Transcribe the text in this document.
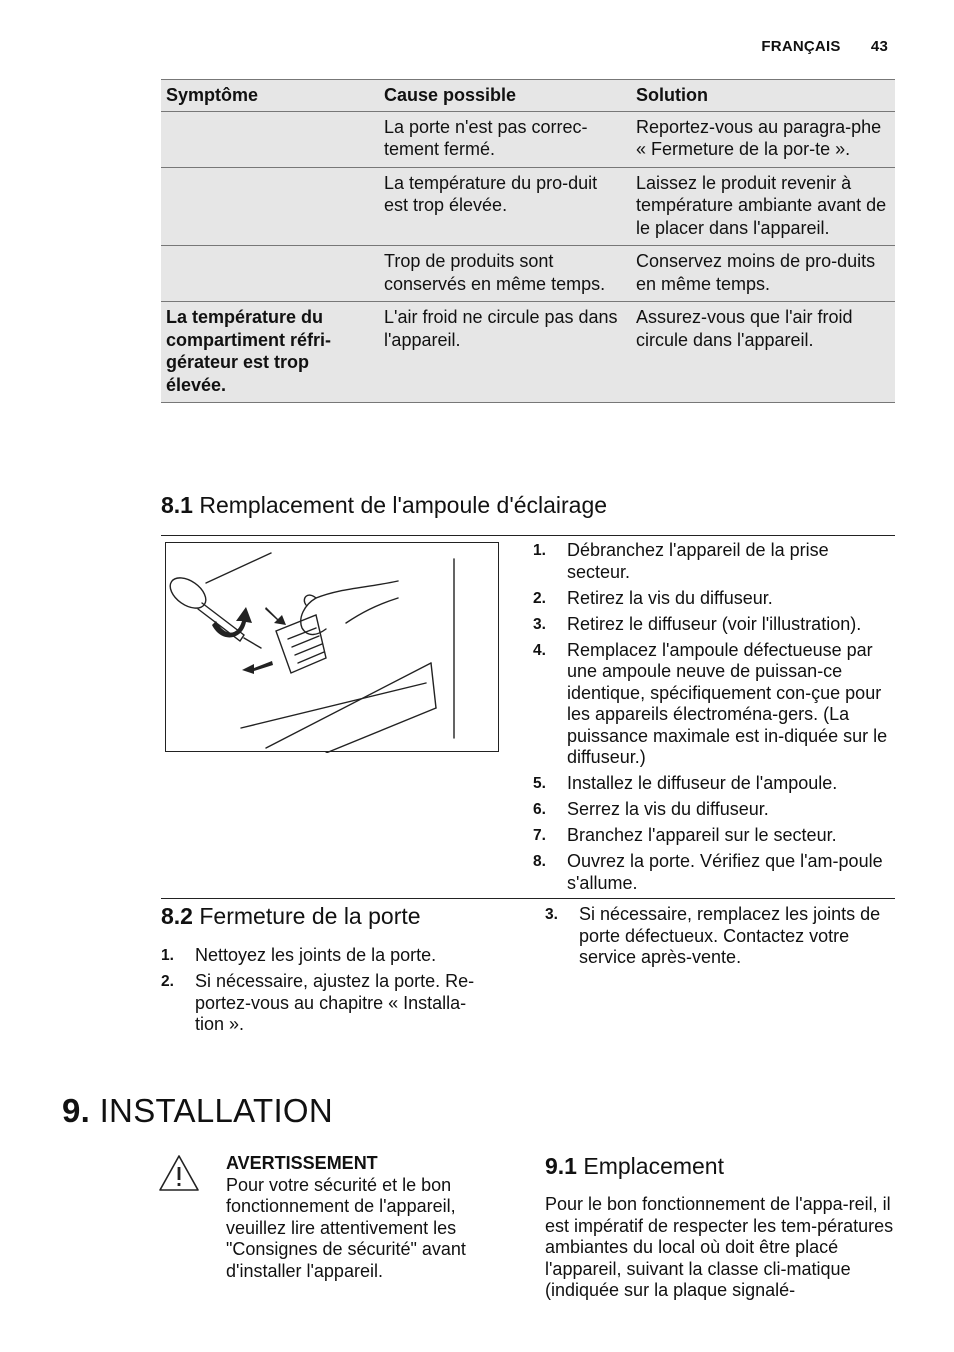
FRANÇAIS 43
Symptôme	Cause possible	Solution
	La porte n'est pas correc-tement fermé.	Reportez-vous au paragra-phe « Fermeture de la por-te ».
	La température du pro-duit est trop élevée.	Laissez le produit revenir à température ambiante avant de le placer dans l'appareil.
	Trop de produits sont conservés en même temps.	Conservez moins de pro-duits en même temps.
La température du compartiment réfri-gérateur est trop élevée.	L'air froid ne circule pas dans l'appareil.	Assurez-vous que l'air froid circule dans l'appareil.
8.1 Remplacement de l'ampoule d'éclairage
1. Débranchez l'appareil de la prise secteur.
2. Retirez la vis du diffuseur.
3. Retirez le diffuseur (voir l'illustration).
4. Remplacez l'ampoule défectueuse par une ampoule neuve de puissan-ce identique, spécifiquement con-çue pour les appareils électroména-gers. (La puissance maximale est in-diquée sur le diffuseur.)
5. Installez le diffuseur de l'ampoule.
6. Serrez la vis du diffuseur.
7. Branchez l'appareil sur le secteur.
8. Ouvrez la porte. Vérifiez que l'am-poule s'allume.
8.2 Fermeture de la porte
1. Nettoyez les joints de la porte.
2. Si nécessaire, ajustez la porte. Re-portez-vous au chapitre « Installa-tion ».
3. Si nécessaire, remplacez les joints de porte défectueux. Contactez votre service après-vente.
9. INSTALLATION
AVERTISSEMENT
Pour votre sécurité et le bon fonctionnement de l'appareil, veuillez lire attentivement les "Consignes de sécurité" avant d'installer l'appareil.
9.1 Emplacement
Pour le bon fonctionnement de l'appa-reil, il est impératif de respecter les tem-pératures ambiantes du local où doit être placé l'appareil, suivant la classe cli-matique (indiquée sur la plaque signalé-
